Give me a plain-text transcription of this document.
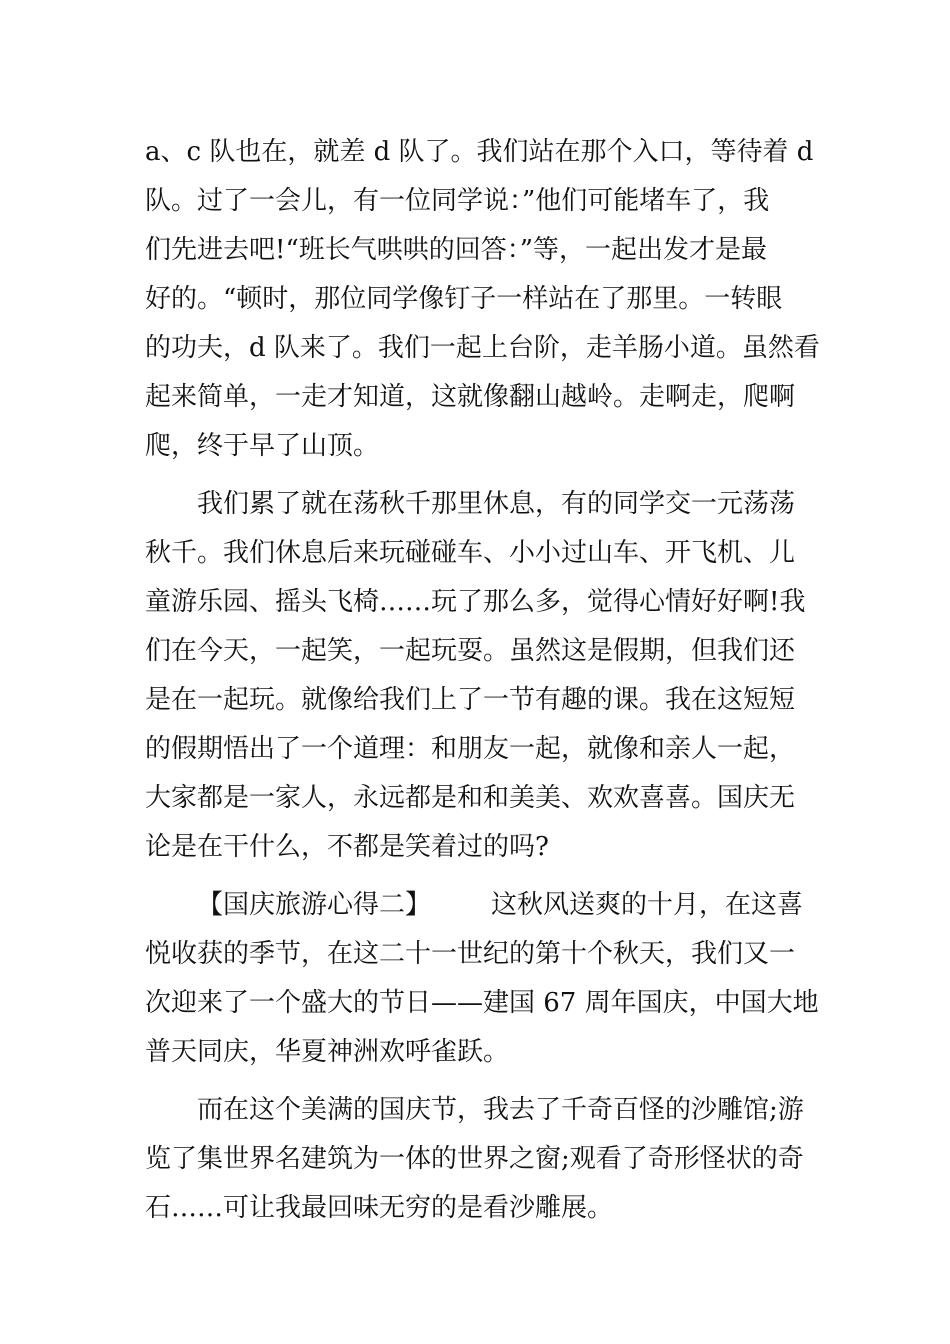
a、c 队也在，就差 d 队了。我们站在那个入口，等待着 d
队。过了一会儿，有一位同学说：”他们可能堵车了，我
们先进去吧!“班长气哄哄的回答：”等，一起出发才是最
好的。“顿时，那位同学像钉子一样站在了那里。一转眼
的功夫，d 队来了。我们一起上台阶，走羊肠小道。虽然看
起来简单，一走才知道，这就像翻山越岭。走啊走，爬啊
爬，终于早了山顶。
我们累了就在荡秋千那里休息，有的同学交一元荡荡
秋千。我们休息后来玩碰碰车、小小过山车、开飞机、儿
童游乐园、摇头飞椅……玩了那么多，觉得心情好好啊!我
们在今天，一起笑，一起玩耍。虽然这是假期，但我们还
是在一起玩。就像给我们上了一节有趣的课。我在这短短
的假期悟出了一个道理：和朋友一起，就像和亲人一起，
大家都是一家人，永远都是和和美美、欢欢喜喜。国庆无
论是在干什么，不都是笑着过的吗?
【国庆旅游心得二】 这秋风送爽的十月，在这喜
悦收获的季节，在这二十一世纪的第十个秋天，我们又一
次迎来了一个盛大的节日——建国 67 周年国庆，中国大地
普天同庆，华夏神洲欢呼雀跃。
而在这个美满的国庆节，我去了千奇百怪的沙雕馆;游
览了集世界名建筑为一体的世界之窗;观看了奇形怪状的奇
石……可让我最回味无穷的是看沙雕展。
